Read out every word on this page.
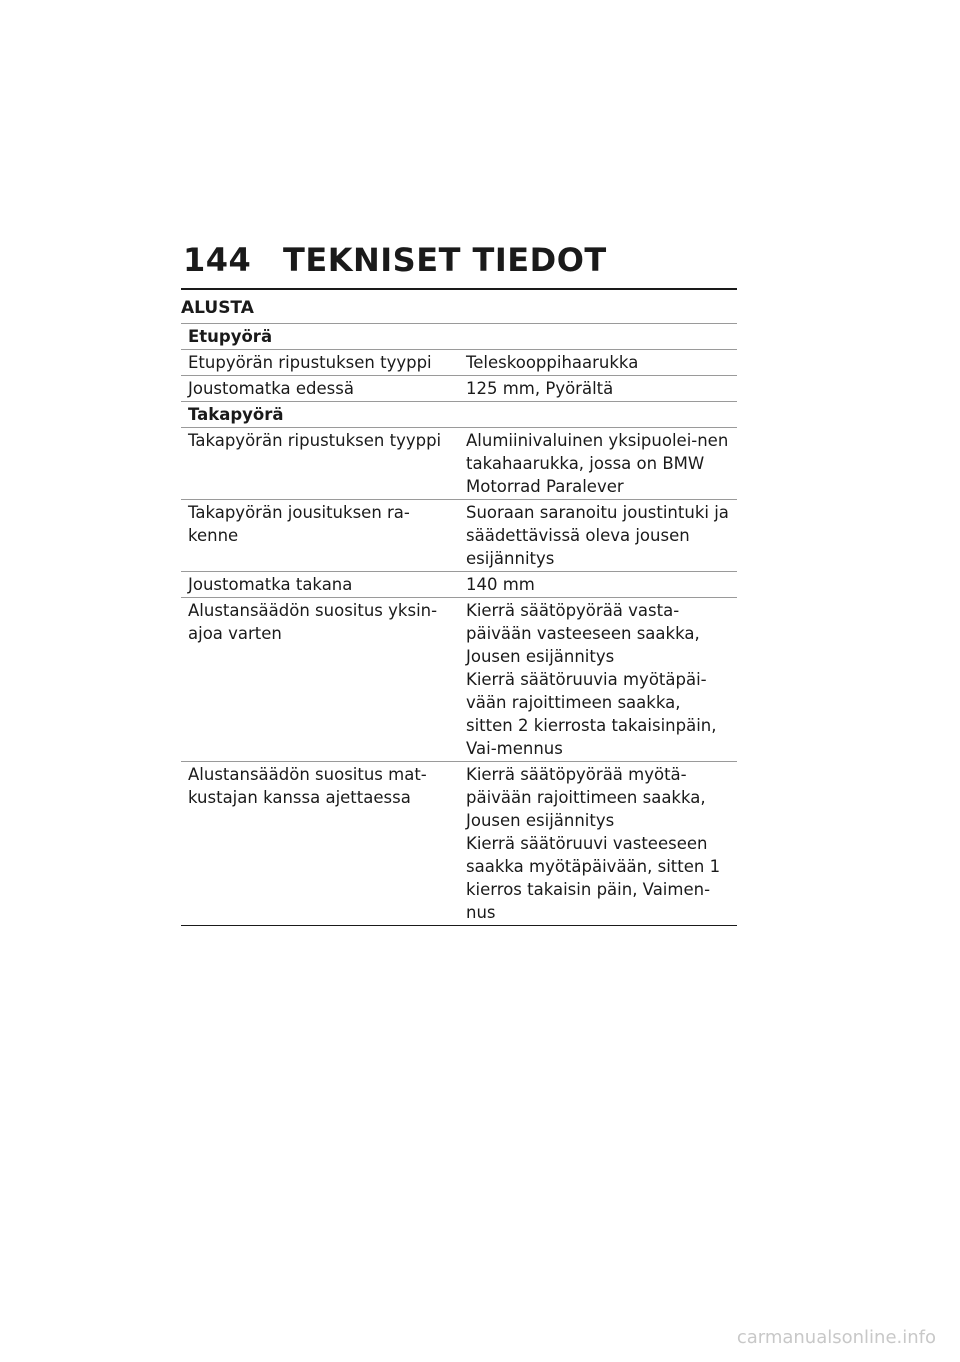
144 TEKNISET TIEDOT
ALUSTA
Etupyörä	
Etupyörän ripustuksen tyyppi	Teleskooppihaarukka

Joustomatka edessä	125 mm, Pyörältä

Takapyörä	
Takapyörän ripustuksen tyyppi	Alumiinivaluinen yksipuolei-nen takahaarukka, jossa on BMW Motorrad Paralever

Takapyörän jousituksen ra-kenne	Suoraan saranoitu joustintuki ja säädettävissä oleva jousen esijännitys

Joustomatka takana	140 mm

Alustansäädön suositus yksin-ajoa varten	Kierrä säätöpyörää vasta-päivään vasteeseen saakka, Jousen esijännitys
Kierrä säätöruuvia myötäpäi-vään rajoittimeen saakka, sitten 2 kierrosta takaisinpäin, Vai-mennus

Alustansäädön suositus mat-kustajan kanssa ajettaessa	Kierrä säätöpyörää myötä-päivään rajoittimeen saakka, Jousen esijännitys
Kierrä säätöruuvi vasteeseen saakka myötäpäivään, sitten 1 kierros takaisin päin, Vaimen-nus
carmanualsonline.info
